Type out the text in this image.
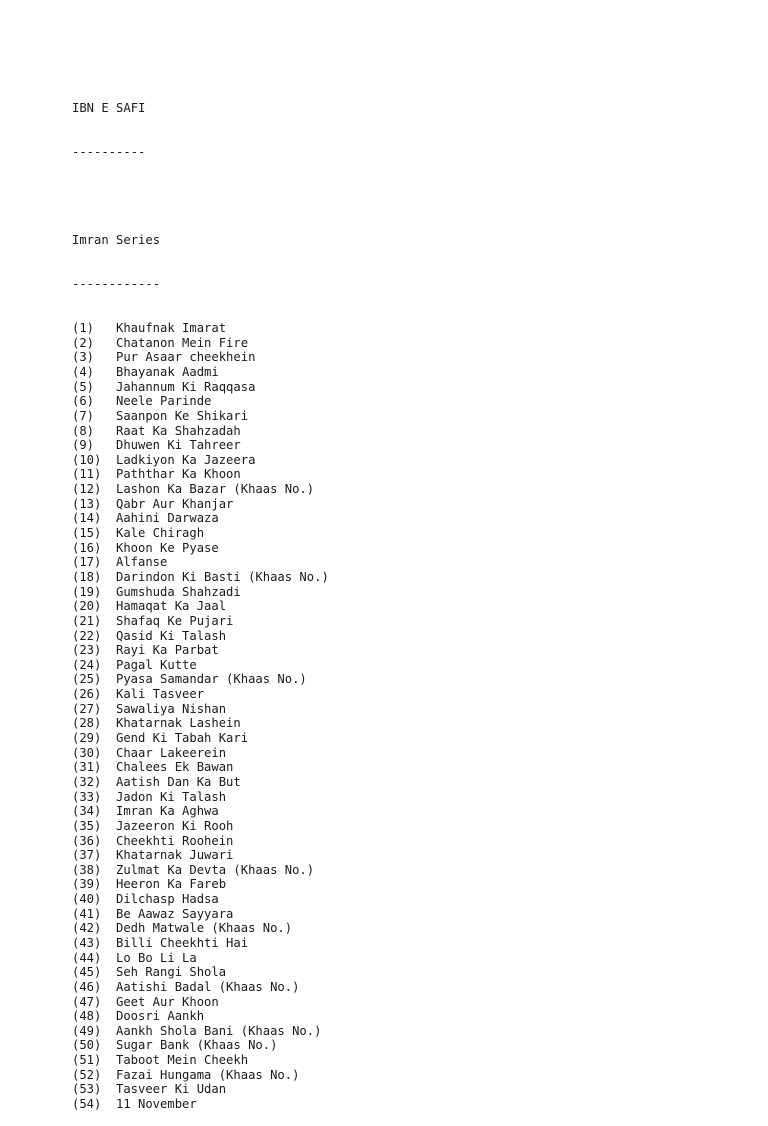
IBN E SAFI

----------

Imran Series

------------

(1)	Khaufnak Imarat
(2)	Chatanon Mein Fire
(3)	Pur Asaar cheekhein
(4)	Bhayanak Aadmi
(5)	Jahannum Ki Raqqasa
(6)	Neele Parinde
(7)	Saanpon Ke Shikari
(8)	Raat Ka Shahzadah
(9)	Dhuwen Ki Tahreer
(10)	Ladkiyon Ka Jazeera
(11)	Paththar Ka Khoon
(12)	Lashon Ka Bazar (Khaas No.)
(13)	Qabr Aur Khanjar
(14)	Aahini Darwaza
(15)	Kale Chiragh
(16)	Khoon Ke Pyase
(17)	Alfanse
(18)	Darindon Ki Basti (Khaas No.)
(19)	Gumshuda Shahzadi
(20)	Hamaqat Ka Jaal
(21)	Shafaq Ke Pujari
(22)	Qasid Ki Talash
(23)	Rayi Ka Parbat
(24)	Pagal Kutte
(25)	Pyasa Samandar (Khaas No.)
(26)	Kali Tasveer
(27)	Sawaliya Nishan
(28)	Khatarnak Lashein
(29)	Gend Ki Tabah Kari
(30)	Chaar Lakeerein
(31)	Chalees Ek Bawan
(32)	Aatish Dan Ka But
(33)	Jadon Ki Talash
(34)	Imran Ka Aghwa
(35)	Jazeeron Ki Rooh
(36)	Cheekhti Roohein
(37)	Khatarnak Juwari
(38)	Zulmat Ka Devta (Khaas No.)
(39)	Heeron Ka Fareb
(40)	Dilchasp Hadsa
(41)	Be Aawaz Sayyara
(42)	Dedh Matwale (Khaas No.)
(43)	Billi Cheekhti Hai
(44)	Lo Bo Li La
(45)	Seh Rangi Shola
(46)	Aatishi Badal (Khaas No.)
(47)	Geet Aur Khoon
(48)	Doosri Aankh
(49)	Aankh Shola Bani (Khaas No.)
(50)	Sugar Bank (Khaas No.)
(51)	Taboot Mein Cheekh
(52)	Fazai Hungama (Khaas No.)
(53)	Tasveer Ki Udan
(54)	11 November
